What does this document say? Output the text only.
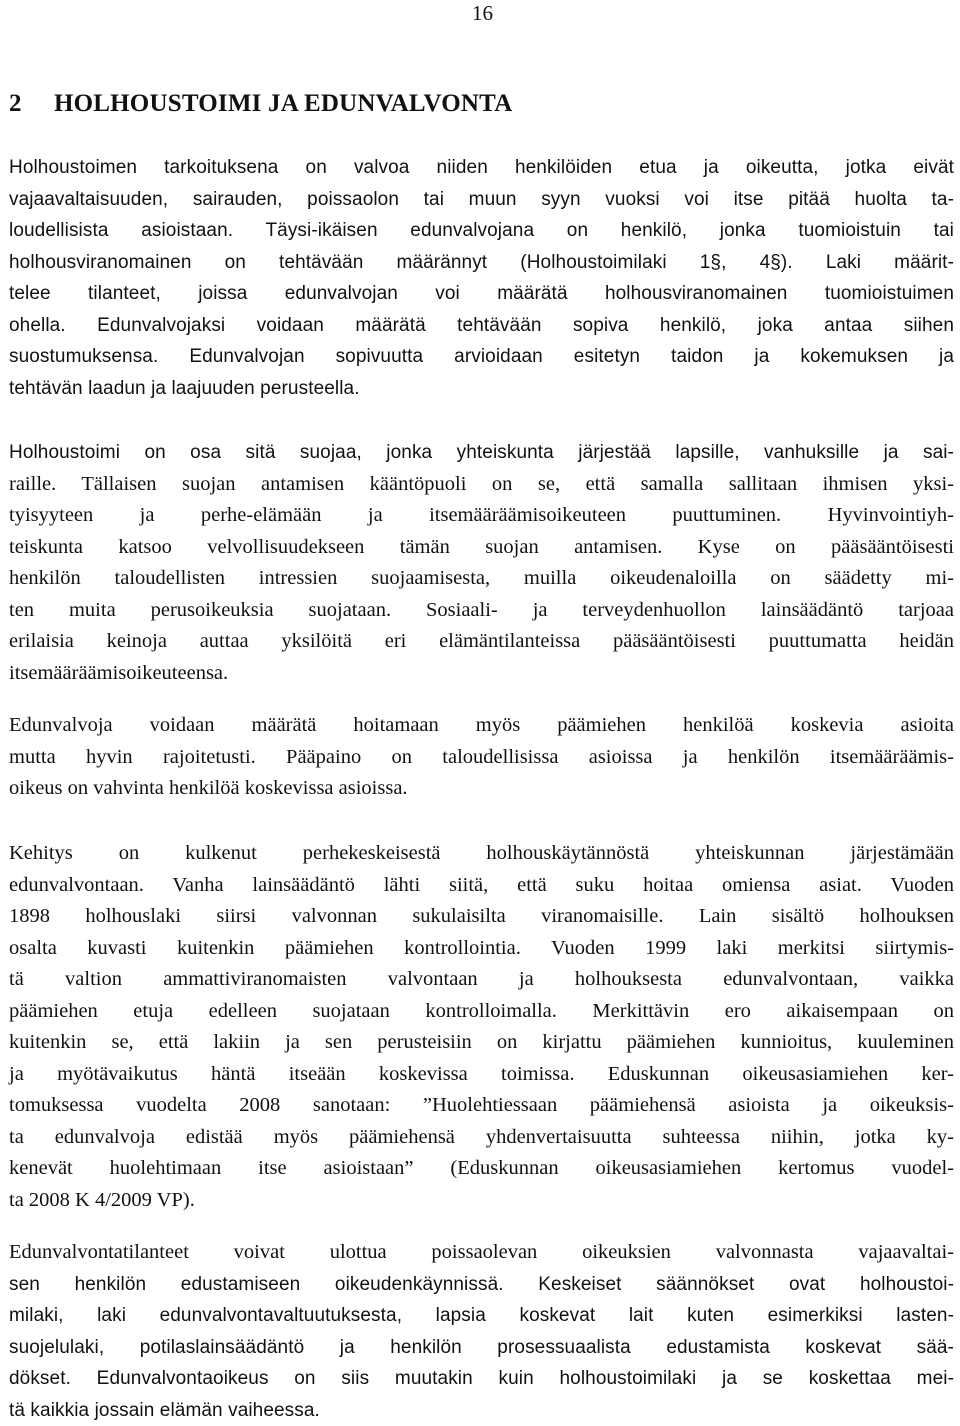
16
2 HOLHOUSTOIMI JA EDUNVALVONTA
Holhoustoimen tarkoituksena on valvoa niiden henkilöiden etua ja oikeutta, jotka eivät
vajaavaltaisuuden, sairauden, poissaolon tai muun syyn vuoksi voi itse pitää huolta ta-
loudellisista asioistaan. Täysi-ikäisen edunvalvojana on henkilö, jonka tuomioistuin tai
holhousviranomainen on tehtävään määrännyt (Holhoustoimilaki 1§, 4§). Laki määrit-
telee tilanteet, joissa edunvalvojan voi määrätä holhousviranomainen tuomioistuimen
ohella. Edunvalvojaksi voidaan määrätä tehtävään sopiva henkilö, joka antaa siihen
suostumuksensa. Edunvalvojan sopivuutta arvioidaan esitetyn taidon ja kokemuksen ja
tehtävän laadun ja laajuuden perusteella.
Holhoustoimi on osa sitä suojaa, jonka yhteiskunta järjestää lapsille, vanhuksille ja sai-
raille. Tällaisen suojan antamisen kääntöpuoli on se, että samalla sallitaan ihmisen yksi-
tyisyyteen ja perhe-elämään ja itsemääräämisoikeuteen puuttuminen. Hyvinvointiyh-
teiskunta katsoo velvollisuudekseen tämän suojan antamisen. Kyse on pääsääntöisesti
henkilön taloudellisten intressien suojaamisesta, muilla oikeudenaloilla on säädetty mi-
ten muita perusoikeuksia suojataan. Sosiaali- ja terveydenhuollon lainsäädäntö tarjoaa
erilaisia keinoja auttaa yksilöitä eri elämäntilanteissa pääsääntöisesti puuttumatta heidän
itsemääräämisoikeuteensa.
Edunvalvoja voidaan määrätä hoitamaan myös päämiehen henkilöä koskevia asioita
mutta hyvin rajoitetusti. Pääpaino on taloudellisissa asioissa ja henkilön itsemääräämis-
oikeus on vahvinta henkilöä koskevissa asioissa.
Kehitys on kulkenut perhekeskeisestä holhouskäytännöstä yhteiskunnan järjestämään
edunvalvontaan. Vanha lainsäädäntö lähti siitä, että suku hoitaa omiensa asiat. Vuoden
1898 holhouslaki siirsi valvonnan sukulaisilta viranomaisille. Lain sisältö holhouksen
osalta kuvasti kuitenkin päämiehen kontrollointia. Vuoden 1999 laki merkitsi siirtymis-
tä valtion ammattiviranomaisten valvontaan ja holhouksesta edunvalvontaan, vaikka
päämiehen etuja edelleen suojataan kontrolloimalla. Merkittävin ero aikaisempaan on
kuitenkin se, että lakiin ja sen perusteisiin on kirjattu päämiehen kunnioitus, kuuleminen
ja myötävaikutus häntä itseään koskevissa toimissa. Eduskunnan oikeusasiamiehen ker-
tomuksessa vuodelta 2008 sanotaan: ”Huolehtiessaan päämiehensä asioista ja oikeuksis-
ta edunvalvoja edistää myös päämiehensä yhdenvertaisuutta suhteessa niihin, jotka ky-
kenevät huolehtimaan itse asioistaan” (Eduskunnan oikeusasiamiehen kertomus vuodel-
ta 2008 K 4/2009 VP).
Edunvalvontatilanteet voivat ulottua poissaolevan oikeuksien valvonnasta vajaavaltai-
sen henkilön edustamiseen oikeudenkäynnissä. Keskeiset säännökset ovat holhoustoi-
milaki, laki edunvalvontavaltuutuksesta, lapsia koskevat lait kuten esimerkiksi lasten-
suojelulaki, potilaslainsäädäntö ja henkilön prosessuaalista edustamista koskevat sää-
dökset. Edunvalvontaoikeus on siis muutakin kuin holhoustoimilaki ja se koskettaa mei-
tä kaikkia jossain elämän vaiheessa.
